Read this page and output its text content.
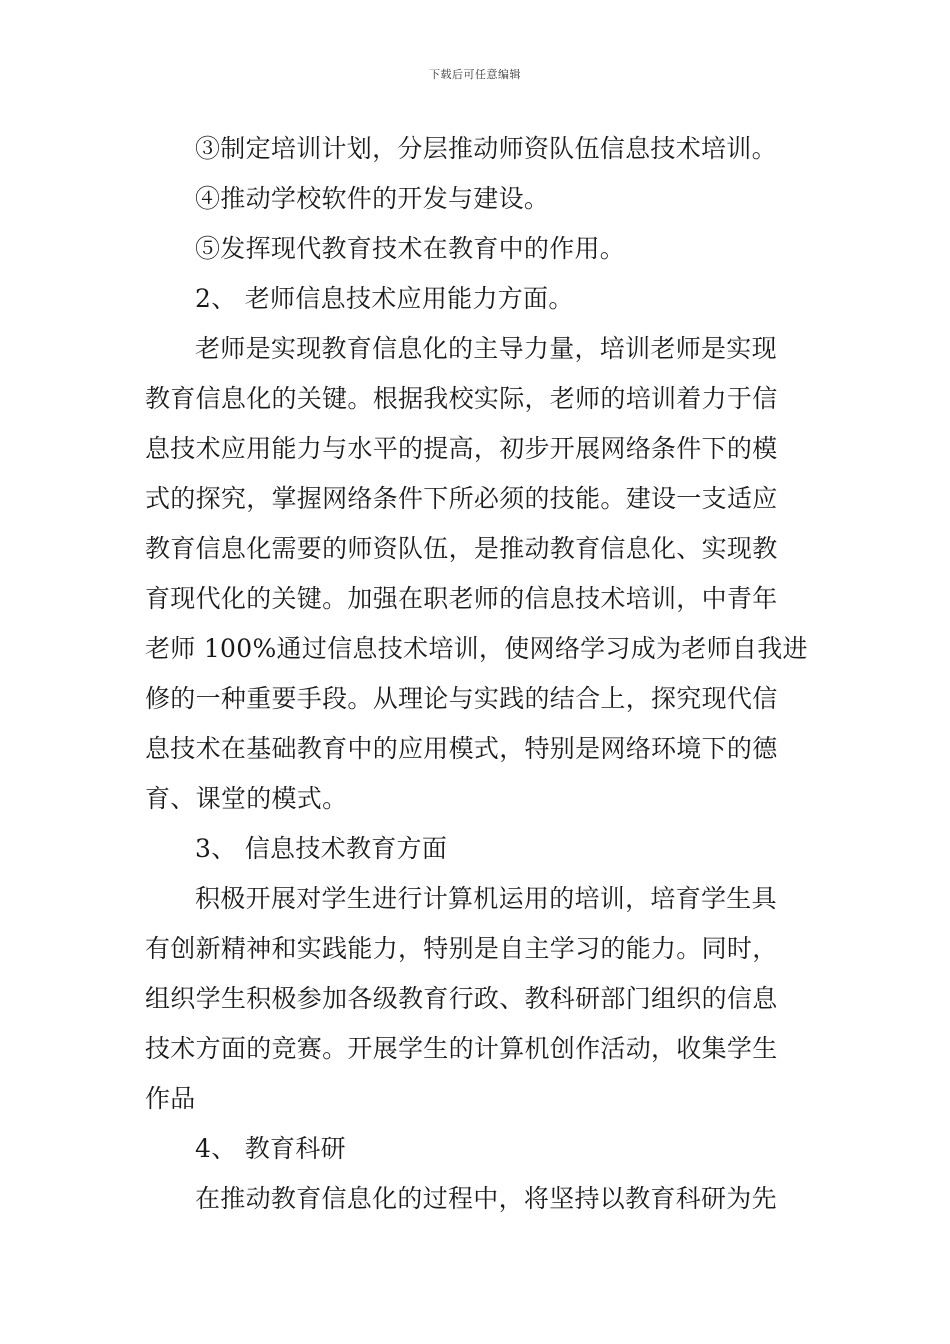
下载后可任意编辑
③制定培训计划，分层推动师资队伍信息技术培训。
④推动学校软件的开发与建设。
⑤发挥现代教育技术在教育中的作用。
2、 老师信息技术应用能力方面。
老师是实现教育信息化的主导力量，培训老师是实现
教育信息化的关键。根据我校实际，老师的培训着力于信
息技术应用能力与水平的提高，初步开展网络条件下的模
式的探究，掌握网络条件下所必须的技能。建设一支适应
教育信息化需要的师资队伍，是推动教育信息化、实现教
育现代化的关键。加强在职老师的信息技术培训，中青年
老师 100%通过信息技术培训，使网络学习成为老师自我进
修的一种重要手段。从理论与实践的结合上，探究现代信
息技术在基础教育中的应用模式，特别是网络环境下的德
育、课堂的模式。
3、 信息技术教育方面
积极开展对学生进行计算机运用的培训，培育学生具
有创新精神和实践能力，特别是自主学习的能力。同时，
组织学生积极参加各级教育行政、教科研部门组织的信息
技术方面的竞赛。开展学生的计算机创作活动，收集学生
作品
4、 教育科研
在推动教育信息化的过程中，将坚持以教育科研为先
